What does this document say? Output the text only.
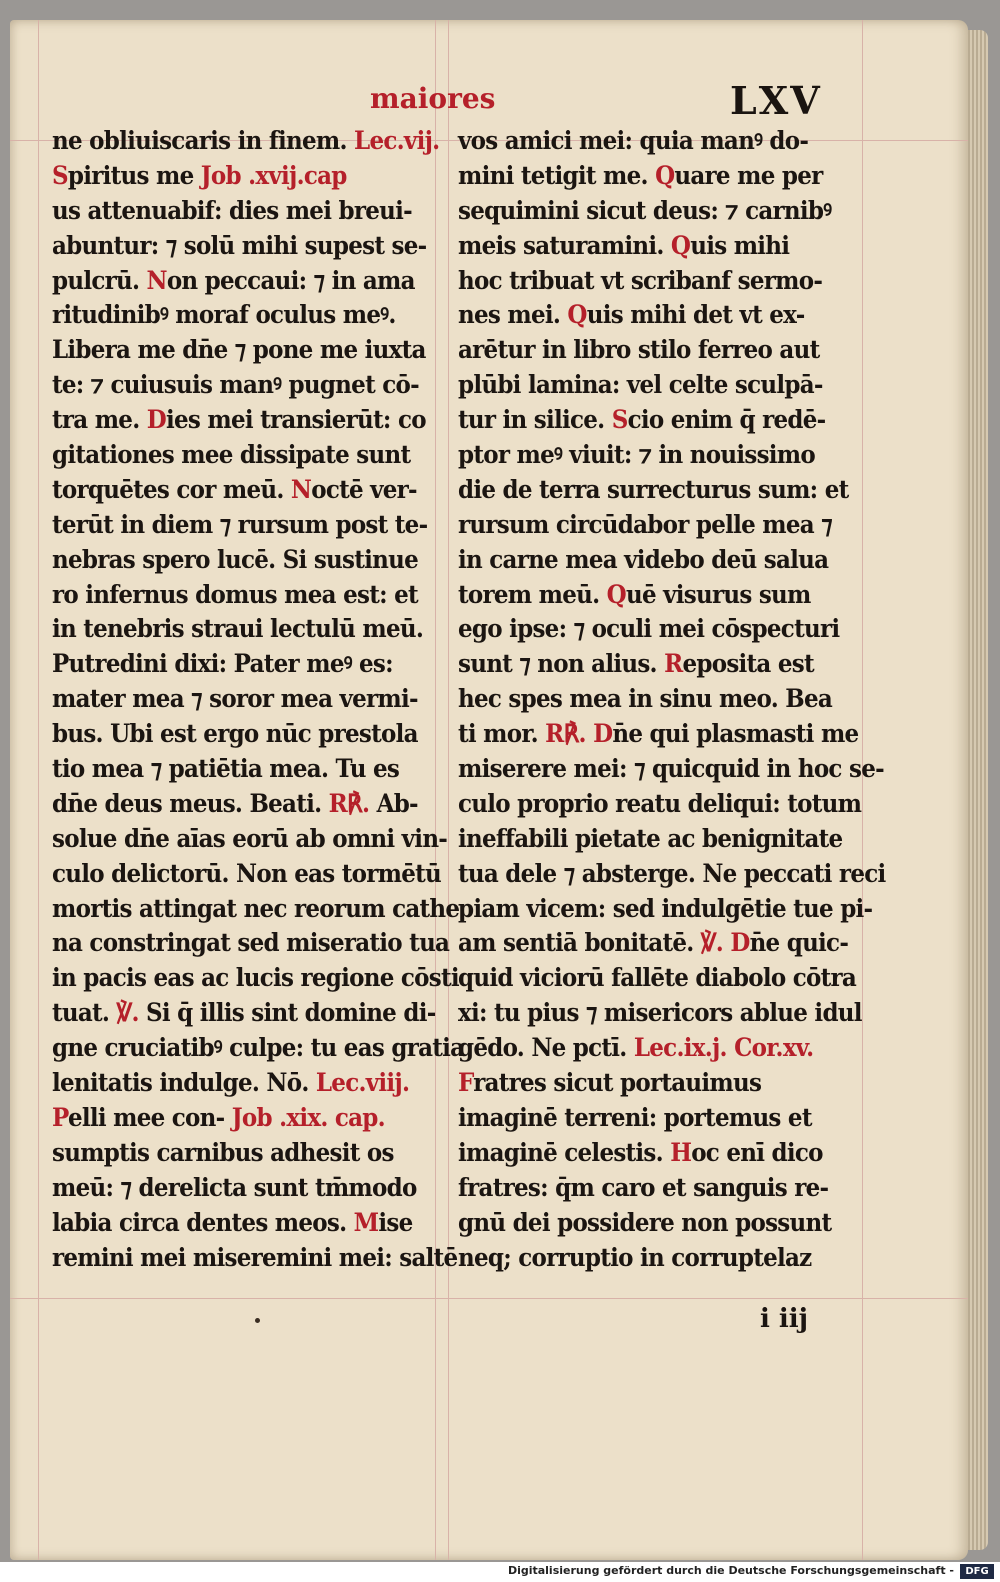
maiores	LXV
ne obliuiscaris in finem. Lec.vij.
Spiritus me Job .xvij.cap
us attenuabif: dies mei breui-
abuntur: ⁊ solū mihi supest se-
pulcrū. Non peccaui: ⁊ in ama
ritudinibꝰ moraf oculus meꝰ.
Libera me dn̄e ⁊ pone me iuxta
te: ⁊ cuiusuis manꝰ pugnet cō-
tra me. Dies mei transierūt: co
gitationes mee dissipate sunt
torquētes cor meū. Noctē ver-
terūt in diem ⁊ rursum post te-
nebras spero lucē. Si sustinue
ro infernus domus mea est: et
in tenebris straui lectulū meū.
Putredini dixi: Pater meꝰ es:
mater mea ⁊ soror mea vermi-
bus. Ubi est ergo nūc prestola
tio mea ⁊ patiētia mea. Tu es
dn̄e deus meus. Beati. R℟. Ab-
solue dn̄e aīas eorū ab omni vin-
culo delictorū. Non eas tormētū
mortis attingat nec reorum cathe
na constringat sed miseratio tua
in pacis eas ac lucis regione cōsti
tuat. ℣. Si q̄ illis sint domine di-
gne cruciatibꝰ culpe: tu eas gratia
lenitatis indulge. Nō. Lec.viij.
Pelli mee con- Job .xix. cap.
sumptis carnibus adhesit os
meū: ⁊ derelicta sunt tm̄modo
labia circa dentes meos. Mise
remini mei miseremini mei: saltē
vos amici mei: quia manꝰ do-
mini tetigit me. Quare me per
sequimini sicut deus: ⁊ carnibꝰ
meis saturamini. Quis mihi
hoc tribuat vt scribanf sermo-
nes mei. Quis mihi det vt ex-
arētur in libro stilo ferreo aut
plūbi lamina: vel celte sculpā-
tur in silice. Scio enim q̄ redē-
ptor meꝰ viuit: ⁊ in nouissimo
die de terra surrecturus sum: et
rursum circūdabor pelle mea ⁊
in carne mea videbo deū salua
torem meū. Quē visurus sum
ego ipse: ⁊ oculi mei cōspecturi
sunt ⁊ non alius. Reposita est
hec spes mea in sinu meo. Bea
ti mor. R℟. Dn̄e qui plasmasti me
miserere mei: ⁊ quicquid in hoc se-
culo proprio reatu deliqui: totum
ineffabili pietate ac benignitate
tua dele ⁊ absterge. Ne peccati reci
piam vicem: sed indulgētie tue pi-
am sentiā bonitatē. ℣. Dn̄e quic-
quid viciorū fallēte diabolo cōtra
xi: tu pius ⁊ misericors ablue idul
gēdo. Ne pctī. Lec.ix.j. Cor.xv.
Fratres sicut portauimus
imaginē terreni: portemus et
imaginē celestis. Hoc enī dico
fratres: q̄m caro et sanguis re-
gnū dei possidere non possunt
neq; corruptio in corruptelaz
i iij
Digitalisierung gefördert durch die Deutsche Forschungsgemeinschaft -	DFG
